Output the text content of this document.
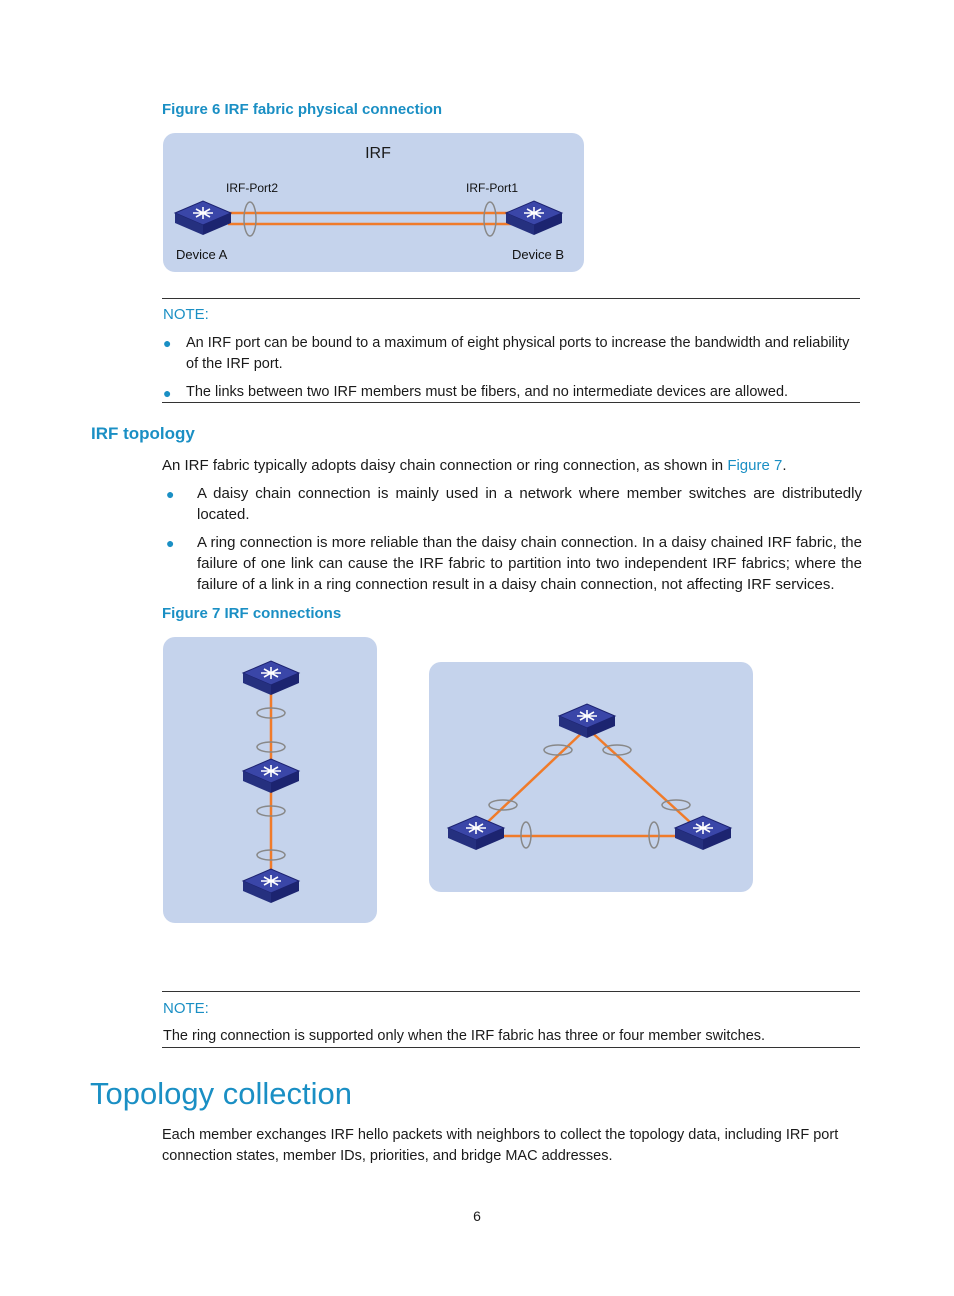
Figure 6 IRF fabric physical connection
IRF
IRF-Port2	IRF-Port1
Device A	Device B
NOTE:
● An IRF port can be bound to a maximum of eight physical ports to increase the bandwidth and reliability of the IRF port.
● The links between two IRF members must be fibers, and no intermediate devices are allowed.
IRF topology
An IRF fabric typically adopts daisy chain connection or ring connection, as shown in Figure 7.
● A daisy chain connection is mainly used in a network where member switches are distributedly located.
● A ring connection is more reliable than the daisy chain connection. In a daisy chained IRF fabric, the failure of one link can cause the IRF fabric to partition into two independent IRF fabrics; where the failure of a link in a ring connection result in a daisy chain connection, not affecting IRF services.
Figure 7 IRF connections
NOTE:
The ring connection is supported only when the IRF fabric has three or four member switches.
Topology collection
Each member exchanges IRF hello packets with neighbors to collect the topology data, including IRF port connection states, member IDs, priorities, and bridge MAC addresses.
6
